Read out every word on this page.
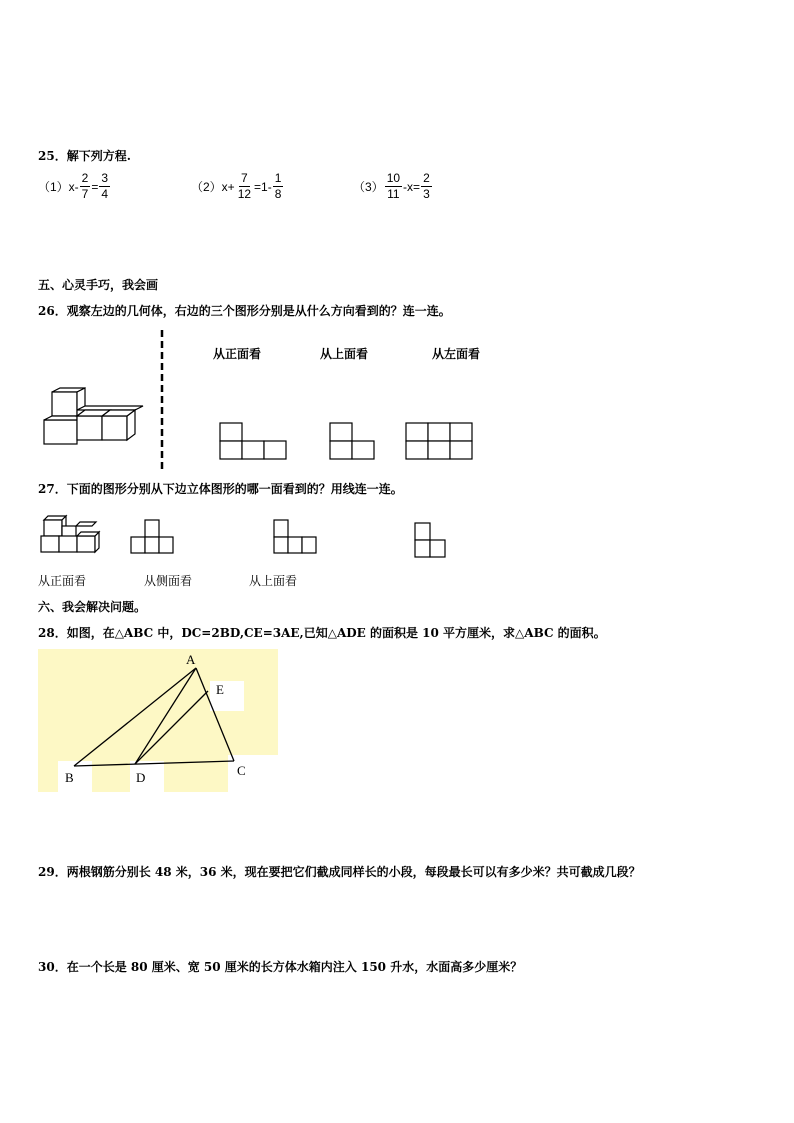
25．解下列方程.
$(1)x- \frac{2}{7} = \frac{3}{4}$	$(2)x+ \frac{7}{12} =1- \frac{1}{8}$	$(3) \frac{10}{11} -x= \frac{2}{3}$
五、心灵手巧，我会画
26．观察左边的几何体，右边的三个图形分别是从什么方向看到的？连一连。
从正面看	从上面看	从左面看
27．下面的图形分别从下边立体图形的哪一面看到的？用线连一连。
从正面看	从侧面看	从上面看
六、我会解决问题。
28．如图，在△ABC 中，DC=2BD,CE=3AE,已知△ADE 的面积是 10 平方厘米，求△ABC 的面积。
A
E
B	D	C
29．两根钢筋分别长 48 米，36 米，现在要把它们截成同样长的小段，每段最长可以有多少米？共可截成几段？
30．在一个长是 80 厘米、宽 50 厘米的长方体水箱内注入 150 升水，水面高多少厘米？
